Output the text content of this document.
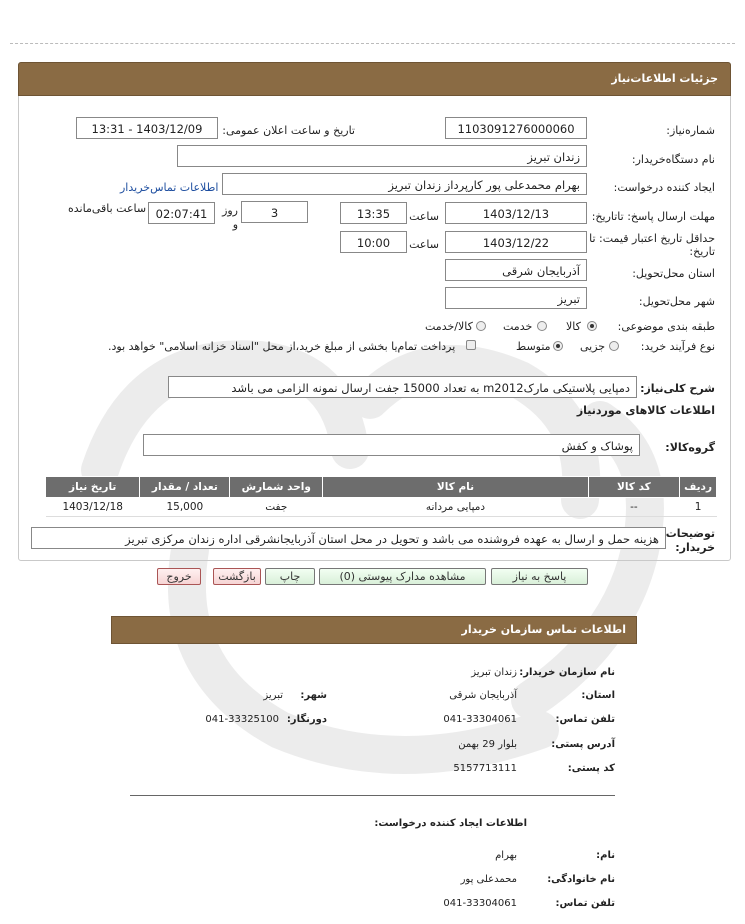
جزئیات اطلاعات‌نیاز
شماره‌نیاز:
1103091276000060
تاریخ و ساعت اعلان عمومی:
1403/12/09 - 13:31
نام دستگاه‌خریدار:
زندان تبریز
ایجاد کننده درخواست:
بهرام محمدعلی پور کارپرداز زندان تبریز
اطلاعات تماس‌خریدار
مهلت ارسال پاسخ: تاتاریخ:
1403/12/13
ساعت
13:35
3
روز
و
02:07:41
ساعت باقی‌مانده
حداقل تاریخ اعتبار قیمت: تا تاریخ:
1403/12/22
ساعت
10:00
استان محل‌تحویل:
آذربایجان شرقی
شهر محل‌تحویل:
تبریز
طبقه بندی موضوعی:
کالا
خدمت
کالا/خدمت
نوع فرآیند خرید:
جزیی
متوسط
پرداخت تمام‌یا بخشی از مبلغ خرید،از محل "اسناد خزانه اسلامی" خواهد بود.
شرح کلی‌نیاز:
دمپایی پلاستیکی مارکm2012 به تعداد 15000 جفت ارسال نمونه الزامی می باشد
اطلاعات کالاهای موردنیاز
گروه‌کالا:
پوشاک و کفش
ردیف	کد کالا	نام کالا	واحد شمارش	تعداد / مقدار	تاریخ نیاز
1	--	دمپایی مردانه	جفت	15,000	1403/12/18
توضیحات خریدار:
هزینه حمل و ارسال به عهده فروشنده می باشد و تحویل در محل استان آذربایجانشرقی اداره زندان مرکزی تبریز
پاسخ به نیاز
مشاهده مدارک پیوستی (0)
چاپ
بازگشت
خروج
اطلاعات تماس سازمان خریدار
نام سازمان خریدار:
زندان تبریز
استان:
آذربایجان شرقی
شهر:
تبریز
تلفن تماس:
041-33304061
دورنگار:
041-33325100
آدرس پستی:
بلوار 29 بهمن
کد پستی:
5157713111
اطلاعات ایجاد کننده درخواست:
نام:
بهرام
نام خانوادگی:
محمدعلی پور
تلفن تماس:
041-33304061
